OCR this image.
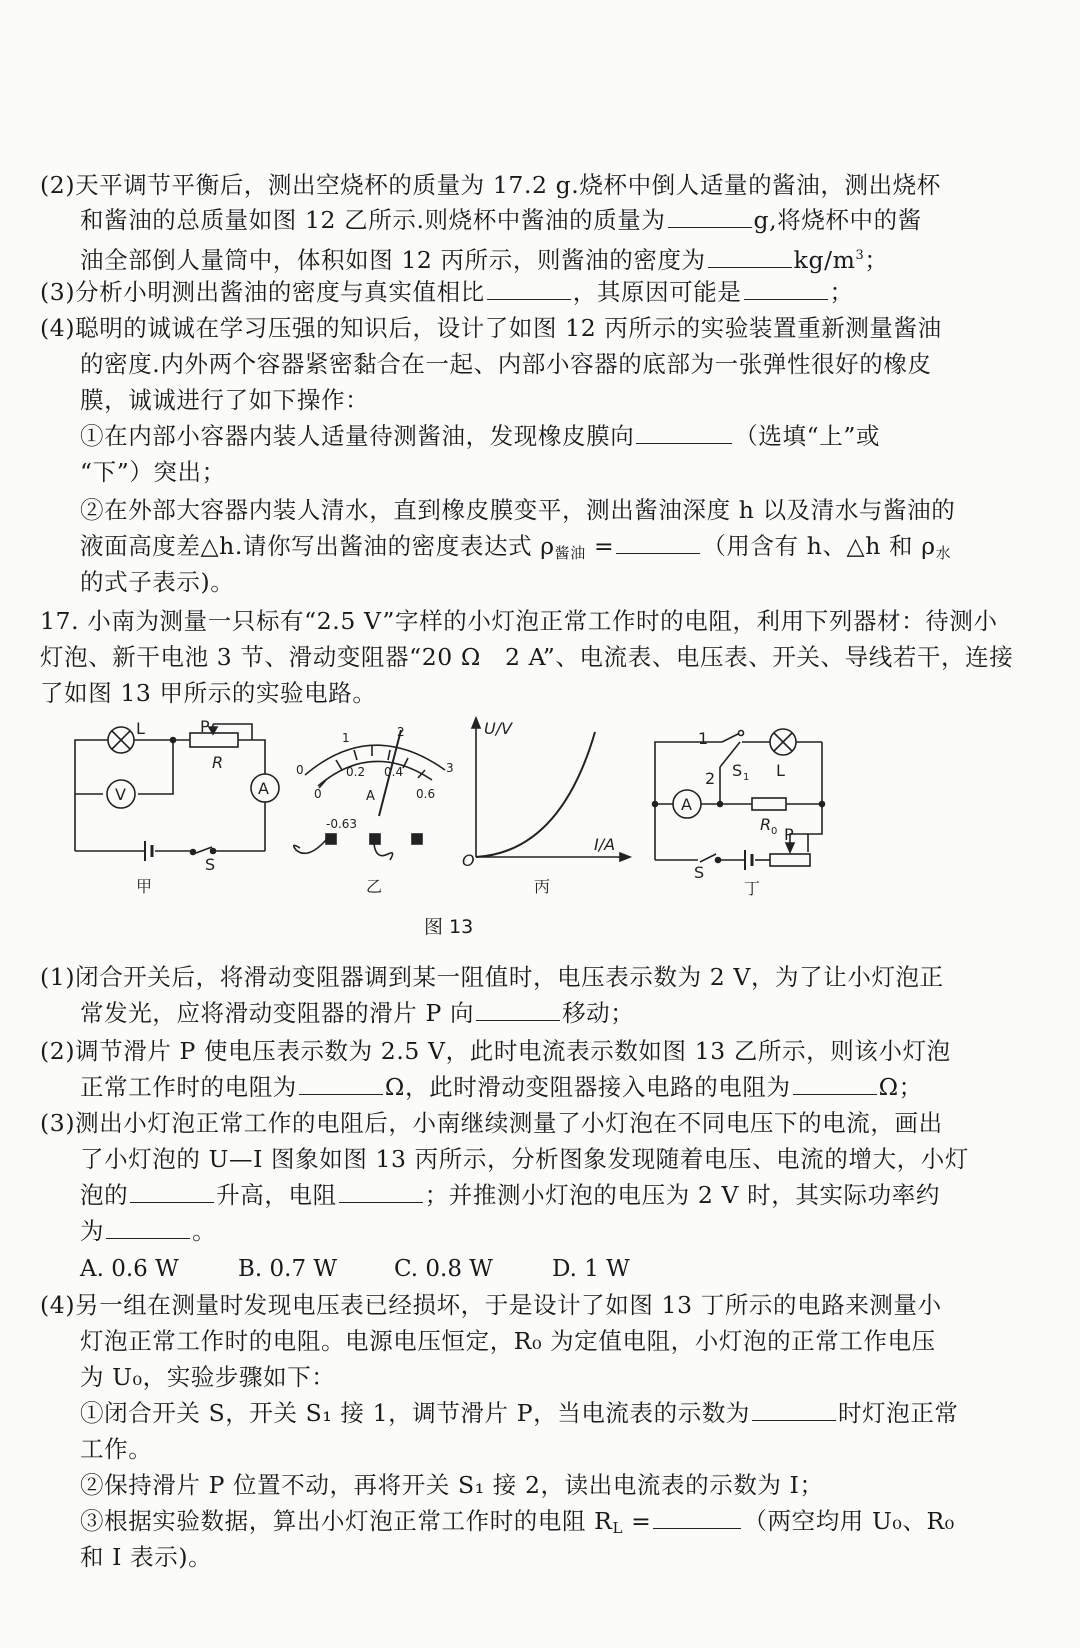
(2)天平调节平衡后，测出空烧杯的质量为 17.2 g.烧杯中倒人适量的酱油，测出烧杯
和酱油的总质量如图 12 乙所示.则烧杯中酱油的质量为	g,将烧杯中的酱
油全部倒人量筒中，体积如图 12 丙所示，则酱油的密度为	$kg/m^3$；
(3)分析小明测出酱油的密度与真实值相比	，其原因可能是	；
(4)聪明的诚诚在学习压强的知识后，设计了如图 12 丙所示的实验装置重新测量酱油
的密度.内外两个容器紧密黏合在一起、内部小容器的底部为一张弹性很好的橡皮
膜，诚诚进行了如下操作：
①在内部小容器内装人适量待测酱油，发现橡皮膜向	（选填“上”或
“下”）突出；
②在外部大容器内装人清水，直到橡皮膜变平，测出酱油深度 h 以及清水与酱油的
液面高度差△h.请你写出酱油的密度表达式 $\rho_{酱油}$ =	（用含有 h、△h 和 $\rho_水$
的式子表示)。
17. 小南为测量一只标有“2.5 V”字样的小灯泡正常工作时的电阻，利用下列器材：待测小
灯泡、新干电池 3 节、滑动变阻器“20 Ω　2 A”、电流表、电压表、开关、导线若干，连接
了如图 13 甲所示的实验电路。
L	P
R
V	A
S
甲
0
1	2
3
0
0.2 0.4
0.6
A
-0.63
乙
U/V
I/A
O
丙
1
2 S 1 L
A
R 0 P
S
丁
图 13
(1)闭合开关后，将滑动变阻器调到某一阻值时，电压表示数为 2 V，为了让小灯泡正
常发光，应将滑动变阻器的滑片 P 向	移动；
(2)调节滑片 P 使电压表示数为 2.5 V，此时电流表示数如图 13 乙所示，则该小灯泡
正常工作时的电阻为	Ω，此时滑动变阻器接入电路的电阻为	Ω；
(3)测出小灯泡正常工作的电阻后，小南继续测量了小灯泡在不同电压下的电流，画出
了小灯泡的 U—I 图象如图 13 丙所示，分析图象发现随着电压、电流的增大，小灯
泡的	升高，电阻	；并推测小灯泡的电压为 2 V 时，其实际功率约
为	。
A. 0.6 W	B. 0.7 W C. 0.8 W	D. 1 W
(4)另一组在测量时发现电压表已经损坏，于是设计了如图 13 丁所示的电路来测量小
灯泡正常工作时的电阻。电源电压恒定，R₀ 为定值电阻，小灯泡的正常工作电压
为 U₀，实验步骤如下：
①闭合开关 S，开关 S₁ 接 1，调节滑片 P，当电流表的示数为	时灯泡正常
工作。
②保持滑片 P 位置不动，再将开关 S₁ 接 2，读出电流表的示数为 I；
③根据实验数据，算出小灯泡正常工作时的电阻 $R_L$ =	（两空均用 U₀、R₀
和 I 表示)。
